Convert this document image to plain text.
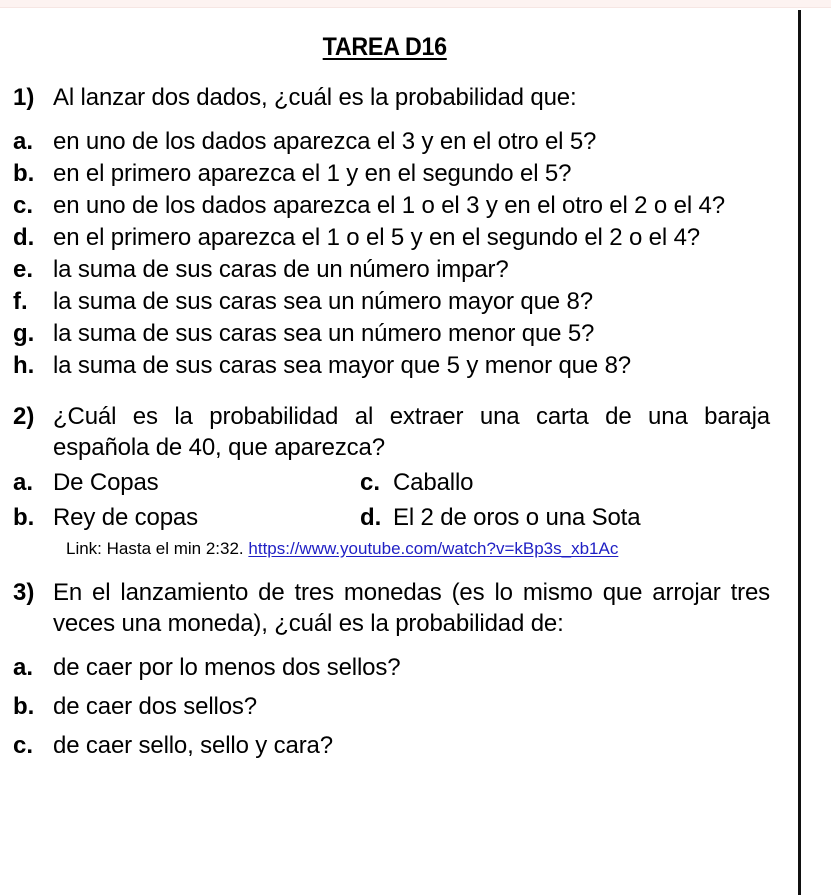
TAREA D16
1) Al lanzar dos dados, ¿cuál es la probabilidad que:
a. en uno de los dados aparezca el 3 y en el otro el 5?
b. en el primero aparezca el 1 y en el segundo el 5?
c. en uno de los dados aparezca el 1 o el 3 y en el otro el 2 o el 4?
d. en el primero aparezca el 1 o el 5 y en el segundo el 2 o el 4?
e. la suma de sus caras de un número impar?
f.	la suma de sus caras sea un número mayor que 8?
g. la suma de sus caras sea un número menor que 5?
h. la suma de sus caras sea mayor que 5 y menor que 8?
2) ¿Cuál es la probabilidad al extraer una carta de una baraja española de 40, que aparezca?
a. De Copas	c. Caballo
b. Rey de copas	d. El 2 de oros o una Sota
Link: Hasta el min 2:32. https://www.youtube.com/watch?v=kBp3s_xb1Ac
3) En el lanzamiento de tres monedas (es lo mismo que arrojar tres veces una moneda), ¿cuál es la probabilidad de:
a. de caer por lo menos dos sellos?
b. de caer dos sellos?
c. de caer sello, sello y cara?
